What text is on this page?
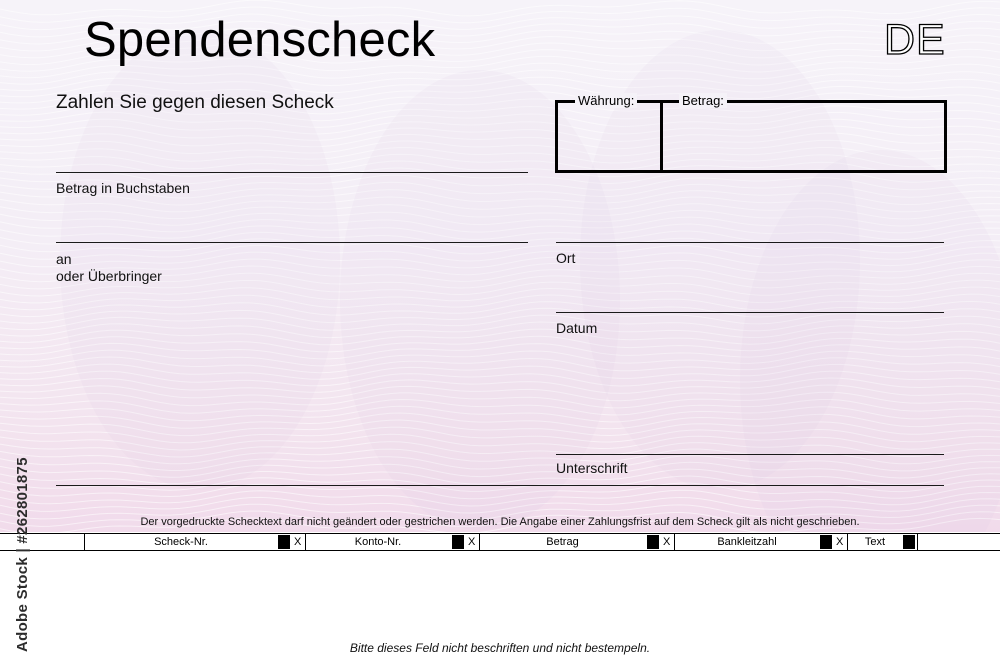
Spendenscheck	DE
Zahlen Sie gegen diesen Scheck
Betrag in Buchstaben
an
oder Überbringer
Währung:	Betrag:
Ort
Datum
Unterschrift
Der vorgedruckte Schecktext darf nicht geändert oder gestrichen werden. Die Angabe einer Zahlungsfrist auf dem Scheck gilt als nicht geschrieben.
Scheck-Nr.	X	Konto-Nr.	X	Betrag	X	Bankleitzahl	X	Text
Bitte dieses Feld nicht beschriften und nicht bestempeln.
Adobe Stock | #262801875
